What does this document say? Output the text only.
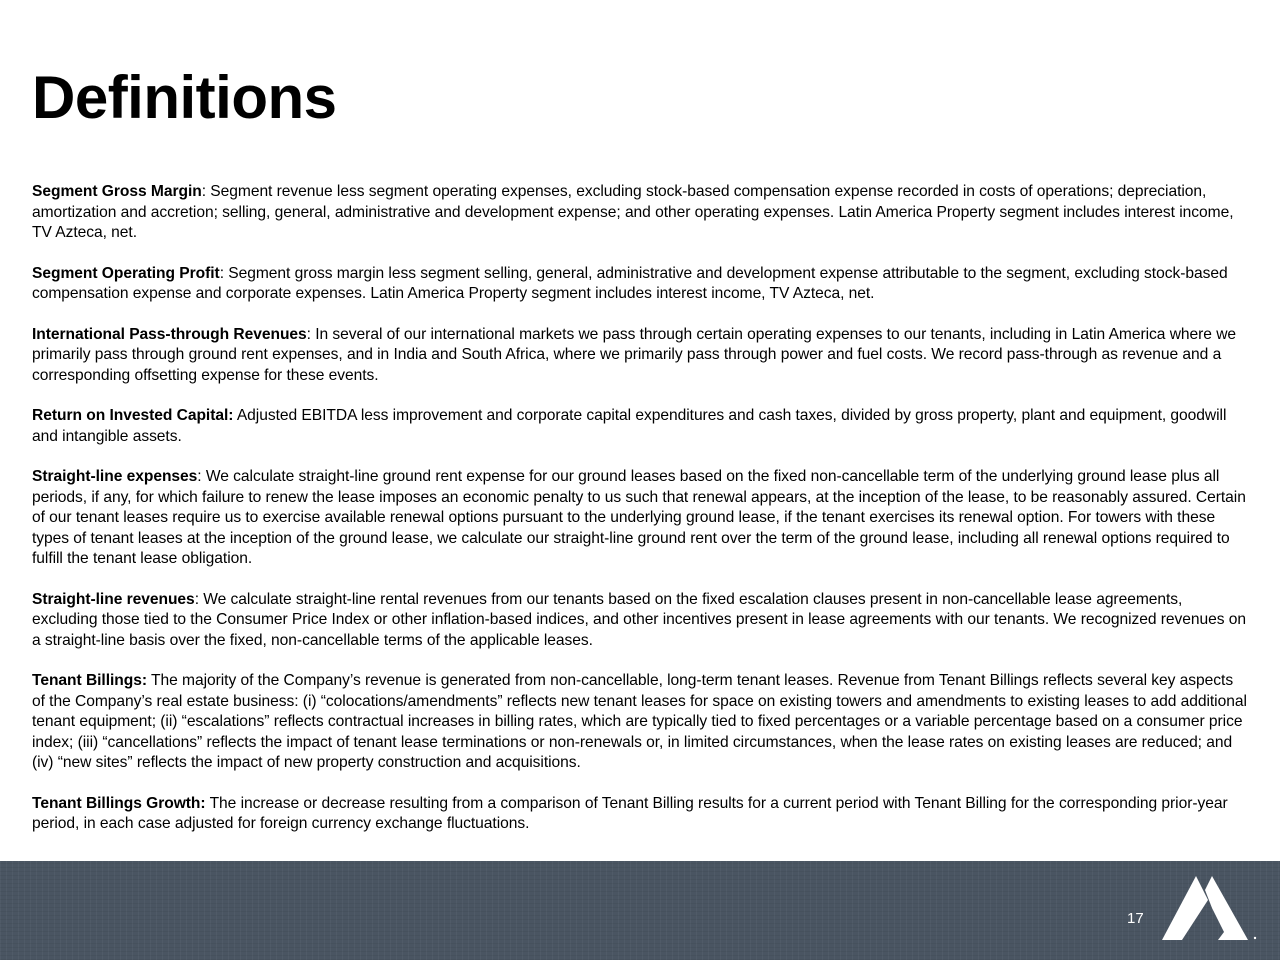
Definitions

Segment Gross Margin: Segment revenue less segment operating expenses, excluding stock-based compensation expense recorded in costs of operations; depreciation, amortization and accretion; selling, general, administrative and development expense; and other operating expenses. Latin America Property segment includes interest income, TV Azteca, net.

Segment Operating Profit: Segment gross margin less segment selling, general, administrative and development expense attributable to the segment, excluding stock-based compensation expense and corporate expenses. Latin America Property segment includes interest income, TV Azteca, net.

International Pass-through Revenues: In several of our international markets we pass through certain operating expenses to our tenants, including in Latin America where we primarily pass through ground rent expenses, and in India and South Africa, where we primarily pass through power and fuel costs. We record pass-through as revenue and a corresponding offsetting expense for these events.

Return on Invested Capital: Adjusted EBITDA less improvement and corporate capital expenditures and cash taxes, divided by gross property, plant and equipment, goodwill and intangible assets.

Straight-line expenses: We calculate straight-line ground rent expense for our ground leases based on the fixed non-cancellable term of the underlying ground lease plus all periods, if any, for which failure to renew the lease imposes an economic penalty to us such that renewal appears, at the inception of the lease, to be reasonably assured. Certain of our tenant leases require us to exercise available renewal options pursuant to the underlying ground lease, if the tenant exercises its renewal option. For towers with these types of tenant leases at the inception of the ground lease, we calculate our straight-line ground rent over the term of the ground lease, including all renewal options required to fulfill the tenant lease obligation.

Straight-line revenues: We calculate straight-line rental revenues from our tenants based on the fixed escalation clauses present in non-cancellable lease agreements, excluding those tied to the Consumer Price Index or other inflation-based indices, and other incentives present in lease agreements with our tenants. We recognized revenues on a straight-line basis over the fixed, non-cancellable terms of the applicable leases.

Tenant Billings: The majority of the Company’s revenue is generated from non-cancellable, long-term tenant leases. Revenue from Tenant Billings reflects several key aspects of the Company’s real estate business: (i) “colocations/amendments” reflects new tenant leases for space on existing towers and amendments to existing leases to add additional tenant equipment; (ii) “escalations” reflects contractual increases in billing rates, which are typically tied to fixed percentages or a variable percentage based on a consumer price index; (iii) “cancellations” reflects the impact of tenant lease terminations or non-renewals or, in limited circumstances, when the lease rates on existing leases are reduced; and (iv) “new sites” reflects the impact of new property construction and acquisitions.

Tenant Billings Growth: The increase or decrease resulting from a comparison of Tenant Billing results for a current period with Tenant Billing for the corresponding prior-year period, in each case adjusted for foreign currency exchange fluctuations.

17
